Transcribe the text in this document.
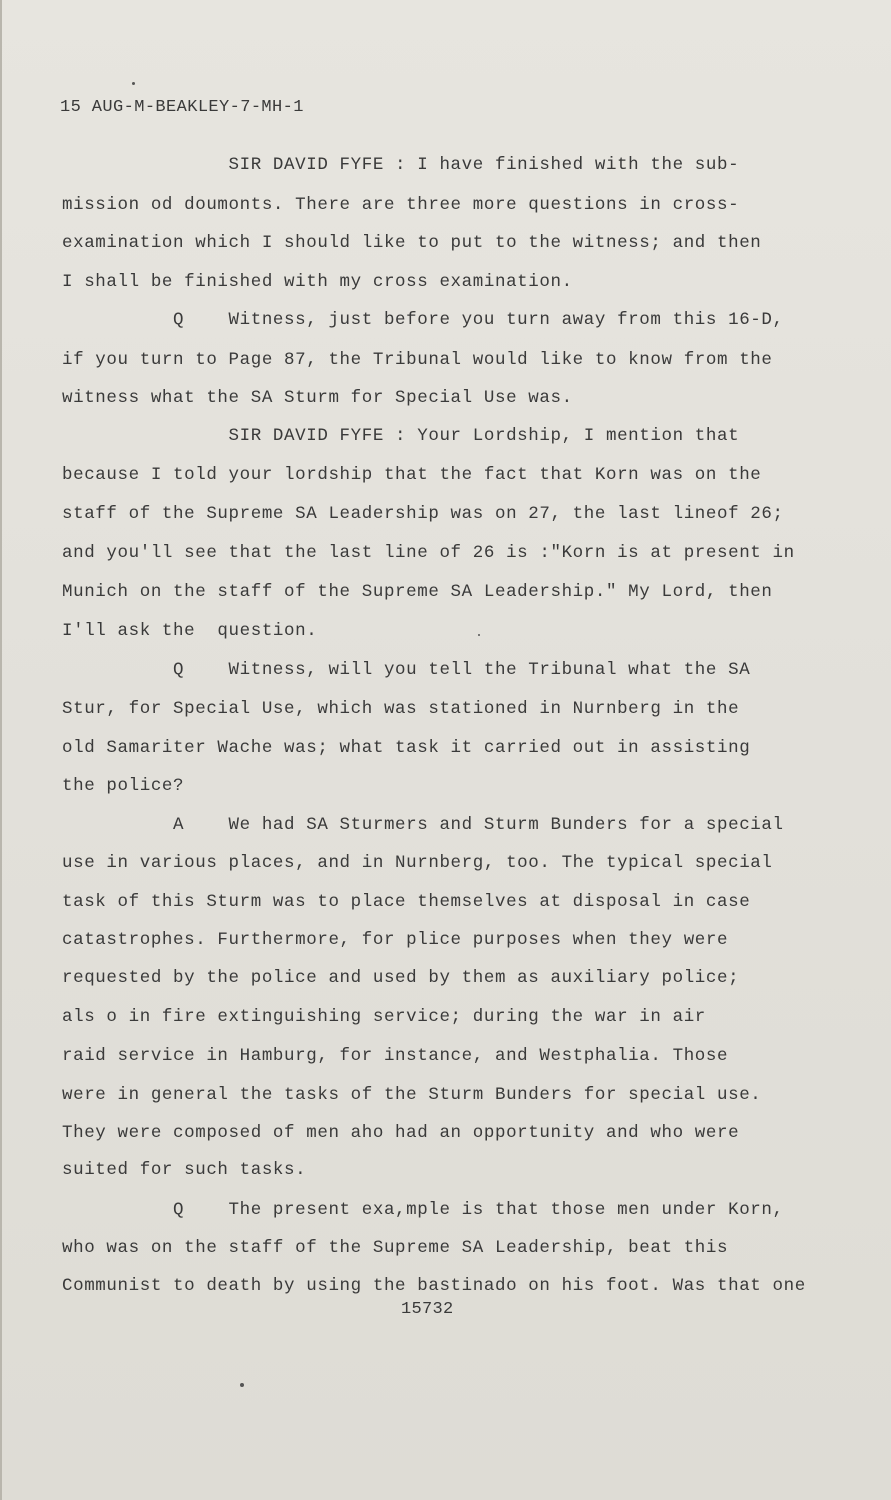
15 AUG-M-BEAKLEY-7-MH-1
SIR DAVID FYFE : I have finished with the sub-
mission od doumonts. There are three more questions in cross-
examination which I should like to put to the witness; and then
I shall be finished with my cross examination.
Q    Witness, just before you turn away from this 16-D,
if you turn to Page 87, the Tribunal would like to know from the
witness what the SA Sturm for Special Use was.
SIR DAVID FYFE : Your Lordship, I mention that
because I told your lordship that the fact that Korn was on the
staff of the Supreme SA Leadership was on 27, the last lineof 26;
and you'll see that the last line of 26 is :"Korn is at present in
Munich on the staff of the Supreme SA Leadership." My Lord, then
I'll ask the  question.
Q    Witness, will you tell the Tribunal what the SA
Stur, for Special Use, which was stationed in Nurnberg in the
old Samariter Wache was; what task it carried out in assisting
the police?
A    We had SA Sturmers and Sturm Bunders for a special
use in various places, and in Nurnberg, too. The typical special
task of this Sturm was to place themselves at disposal in case
catastrophes. Furthermore, for plice purposes when they were
requested by the police and used by them as auxiliary police;
als o in fire extinguishing service; during the war in air
raid service in Hamburg, for instance, and Westphalia. Those
were in general the tasks of the Sturm Bunders for special use.
They were composed of men aho had an opportunity and who were
suited for such tasks.
Q    The present exa,mple is that those men under Korn,
who was on the staff of the Supreme SA Leadership, beat this
Communist to death by using the bastinado on his foot. Was that one
15732
